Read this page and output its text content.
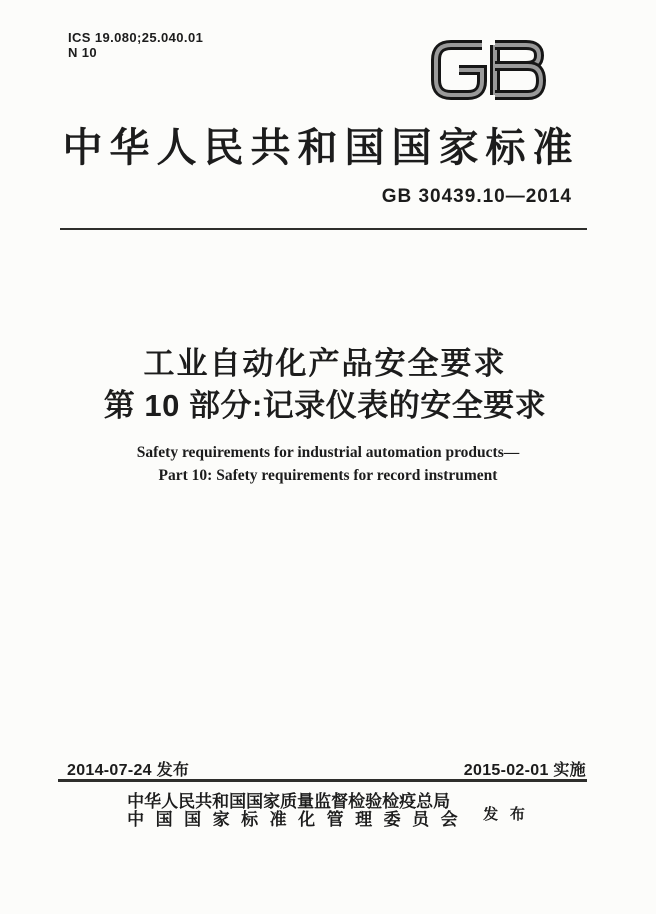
ICS 19.080;25.040.01
N 10
中华人民共和国国家标准
GB 30439.10—2014
工业自动化产品安全要求
第 10 部分:记录仪表的安全要求
Safety requirements for industrial automation products—
Part 10: Safety requirements for record instrument
2014-07-24 发布	2015-02-01 实施
中华人民共和国国家质量监督检验检疫总局
中国国家标准化管理委员会 发 布
